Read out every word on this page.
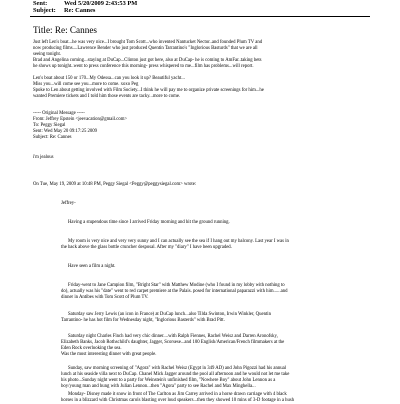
Sent:	Wed 5/20/2009 2:43:53 PM
Subject: Re: Cannes
Title: Re: Cannes
Just left Len's boat...he was very nice...I brought Tom Scott...who invented Nantucket Nector..and founded Plum TV and
now producing films....Lawrence Bender who just produced Quentin Tarrantino's "Inglorious Basturds" that we are all
seeing tonight.
Brad and Angelina coming...staying at DuCap...Clinton just got here, also at DuCap- he is coming to AmFar..taking bets
he shows up tonight..went to press conference this morning- press whispered to me...film has problems...will report.
Len's boat about 150 or 170...My Odessa...can you look it up? Beautiful yacht...
Miss you...will come see you...more to come. xoxo Peg
Spoke to Len about getting involved with Film Society...I think he will pay me to organize private screenings for him...he
wanted Premiere tickets and I told him those events are tacky...more to come.
----- Original Message -----
From: Jeffrey Epstein <jeevacation@gmail.com>
To: Peggy Siegal
Sent: Wed May 20 09:17:25 2009
Subject: Re: Cannes
i'm jealous
On Tue, May 19, 2009 at 10:48 PM, Peggy Siegal <Peggy@peggysiegal.com> wrote:
Jeffrey-
Having a stupendous time since I arrived Friday morning and hit the ground running.
My room is very nice and very very sunny and I can actually see the sea if I hang out my balcony. Last year I was in
the back above the glass bottle cruncher desposal. After my "diary" I have been upgraded.
Have seen a film a night.
Friday-went to Jane Campion film, "Bright Star" with Matthew Modine (who I found in my lobby with nothing to
do), actually was his "date" went to red carpet premiere at the Palais. posed for international paparazzi with him......and
dinner in Antibes with Tom Scott of Plum TV.
Saturday saw Jerry Lewis (an icon in France) at DuCap lunch...also Tilda Swinton, Irwin Winkler, Quentin
Tarrantino- he has hot film for Wednesday night, "Inglorious Basterds" with Brad Pitt.
Saturday night Charles Finch had very chic dinner....with Ralph Fiennes, Rachel Weisz and Darren Aronofsky,
Elizabeth Banks, Jacob Rothschild's daughter, Jagger, Scorsese...and 100 English/American/French filmmakers at the
Eden Rock overlooking the sea.
Was the most interesting dinner with great people.
Sunday, saw morning screening of "Agora" with Rachel Weisz (Egypt in 349 AD) and John Pigozzi had his annual
lunch at his seaside villa next to DuCap. Chanel Mick Jagger around the pool all afternoon and he would not let me take
his photo...Sunday night went to a party for Weinstein's unfinished film, "Nowhere Boy" about John Lennon as a
boy/young man and hung with Julian Lennon...then "Agora" party to see Rachel and Max Minghella...
Monday- Disney made it snow in front of The Carlton as Jim Carrey arrived in a horse drawn carriage with 4 black
horses in a blizzard with Christmas carols blasting over loud speakers...then they showed 10 mins of 3-D footage in a hush
